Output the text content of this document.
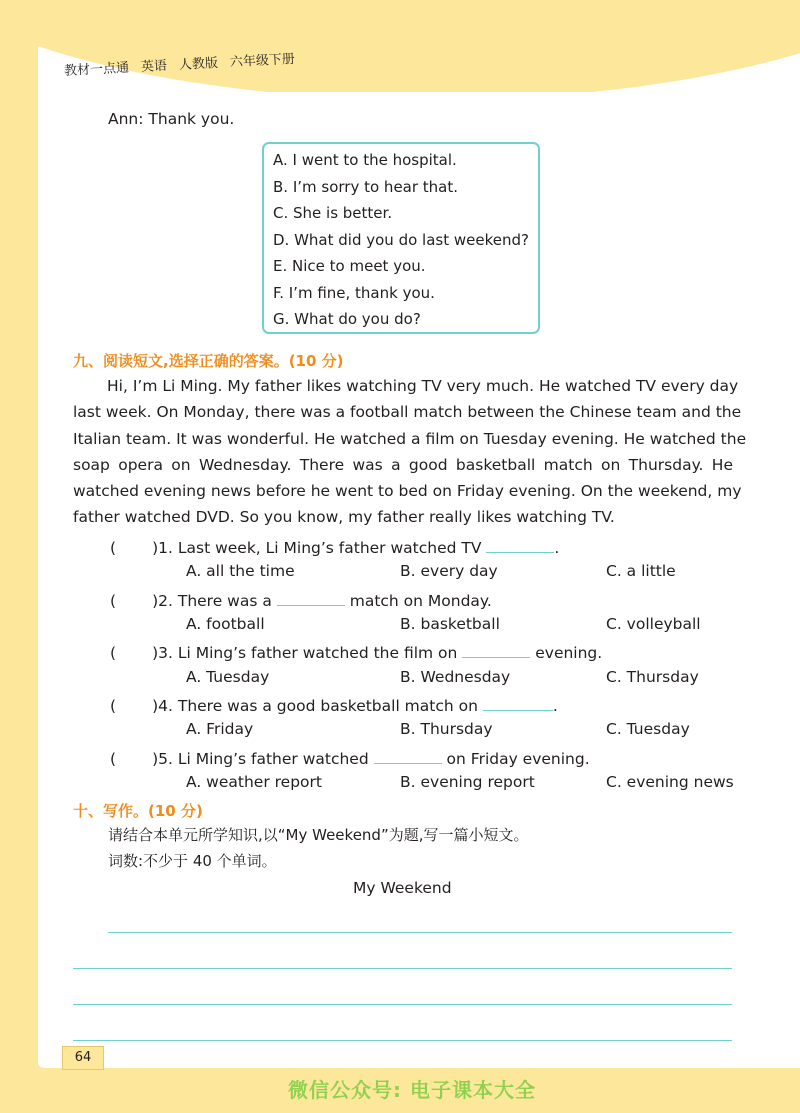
教材一点通 英语 人教版 六年级下册
Ann: Thank you.
A. I went to the hospital.
B. I’m sorry to hear that.
C. She is better.
D. What did you do last weekend?
E. Nice to meet you.
F. I’m fine, thank you.
G. What do you do?
九、阅读短文,选择正确的答案。(10 分)
Hi, I’m Li Ming. My father likes watching TV very much. He watched TV every day
last week. On Monday, there was a football match between the Chinese team and the
Italian team. It was wonderful. He watched a film on Tuesday evening. He watched the
soap opera on Wednesday. There was a good basketball match on Thursday. He
watched evening news before he went to bed on Friday evening. On the weekend, my
father watched DVD. So you know, my father really likes watching TV.
( )1. Last week, Li Ming’s father watched TV	.
A. all the time	B. every day	C. a little
( )2. There was a	match on Monday.
A. football	B. basketball	C. volleyball
( )3. Li Ming’s father watched the film on	evening.
A. Tuesday	B. Wednesday	C. Thursday
( )4. There was a good basketball match on	.
A. Friday	B. Thursday	C. Tuesday
( )5. Li Ming’s father watched	on Friday evening.
A. weather report	B. evening report	C. evening news
十、写作。(10 分)
请结合本单元所学知识,以“My Weekend”为题,写一篇小短文。
词数:不少于 40 个单词。
My Weekend
64
微信公众号: 电子课本大全
